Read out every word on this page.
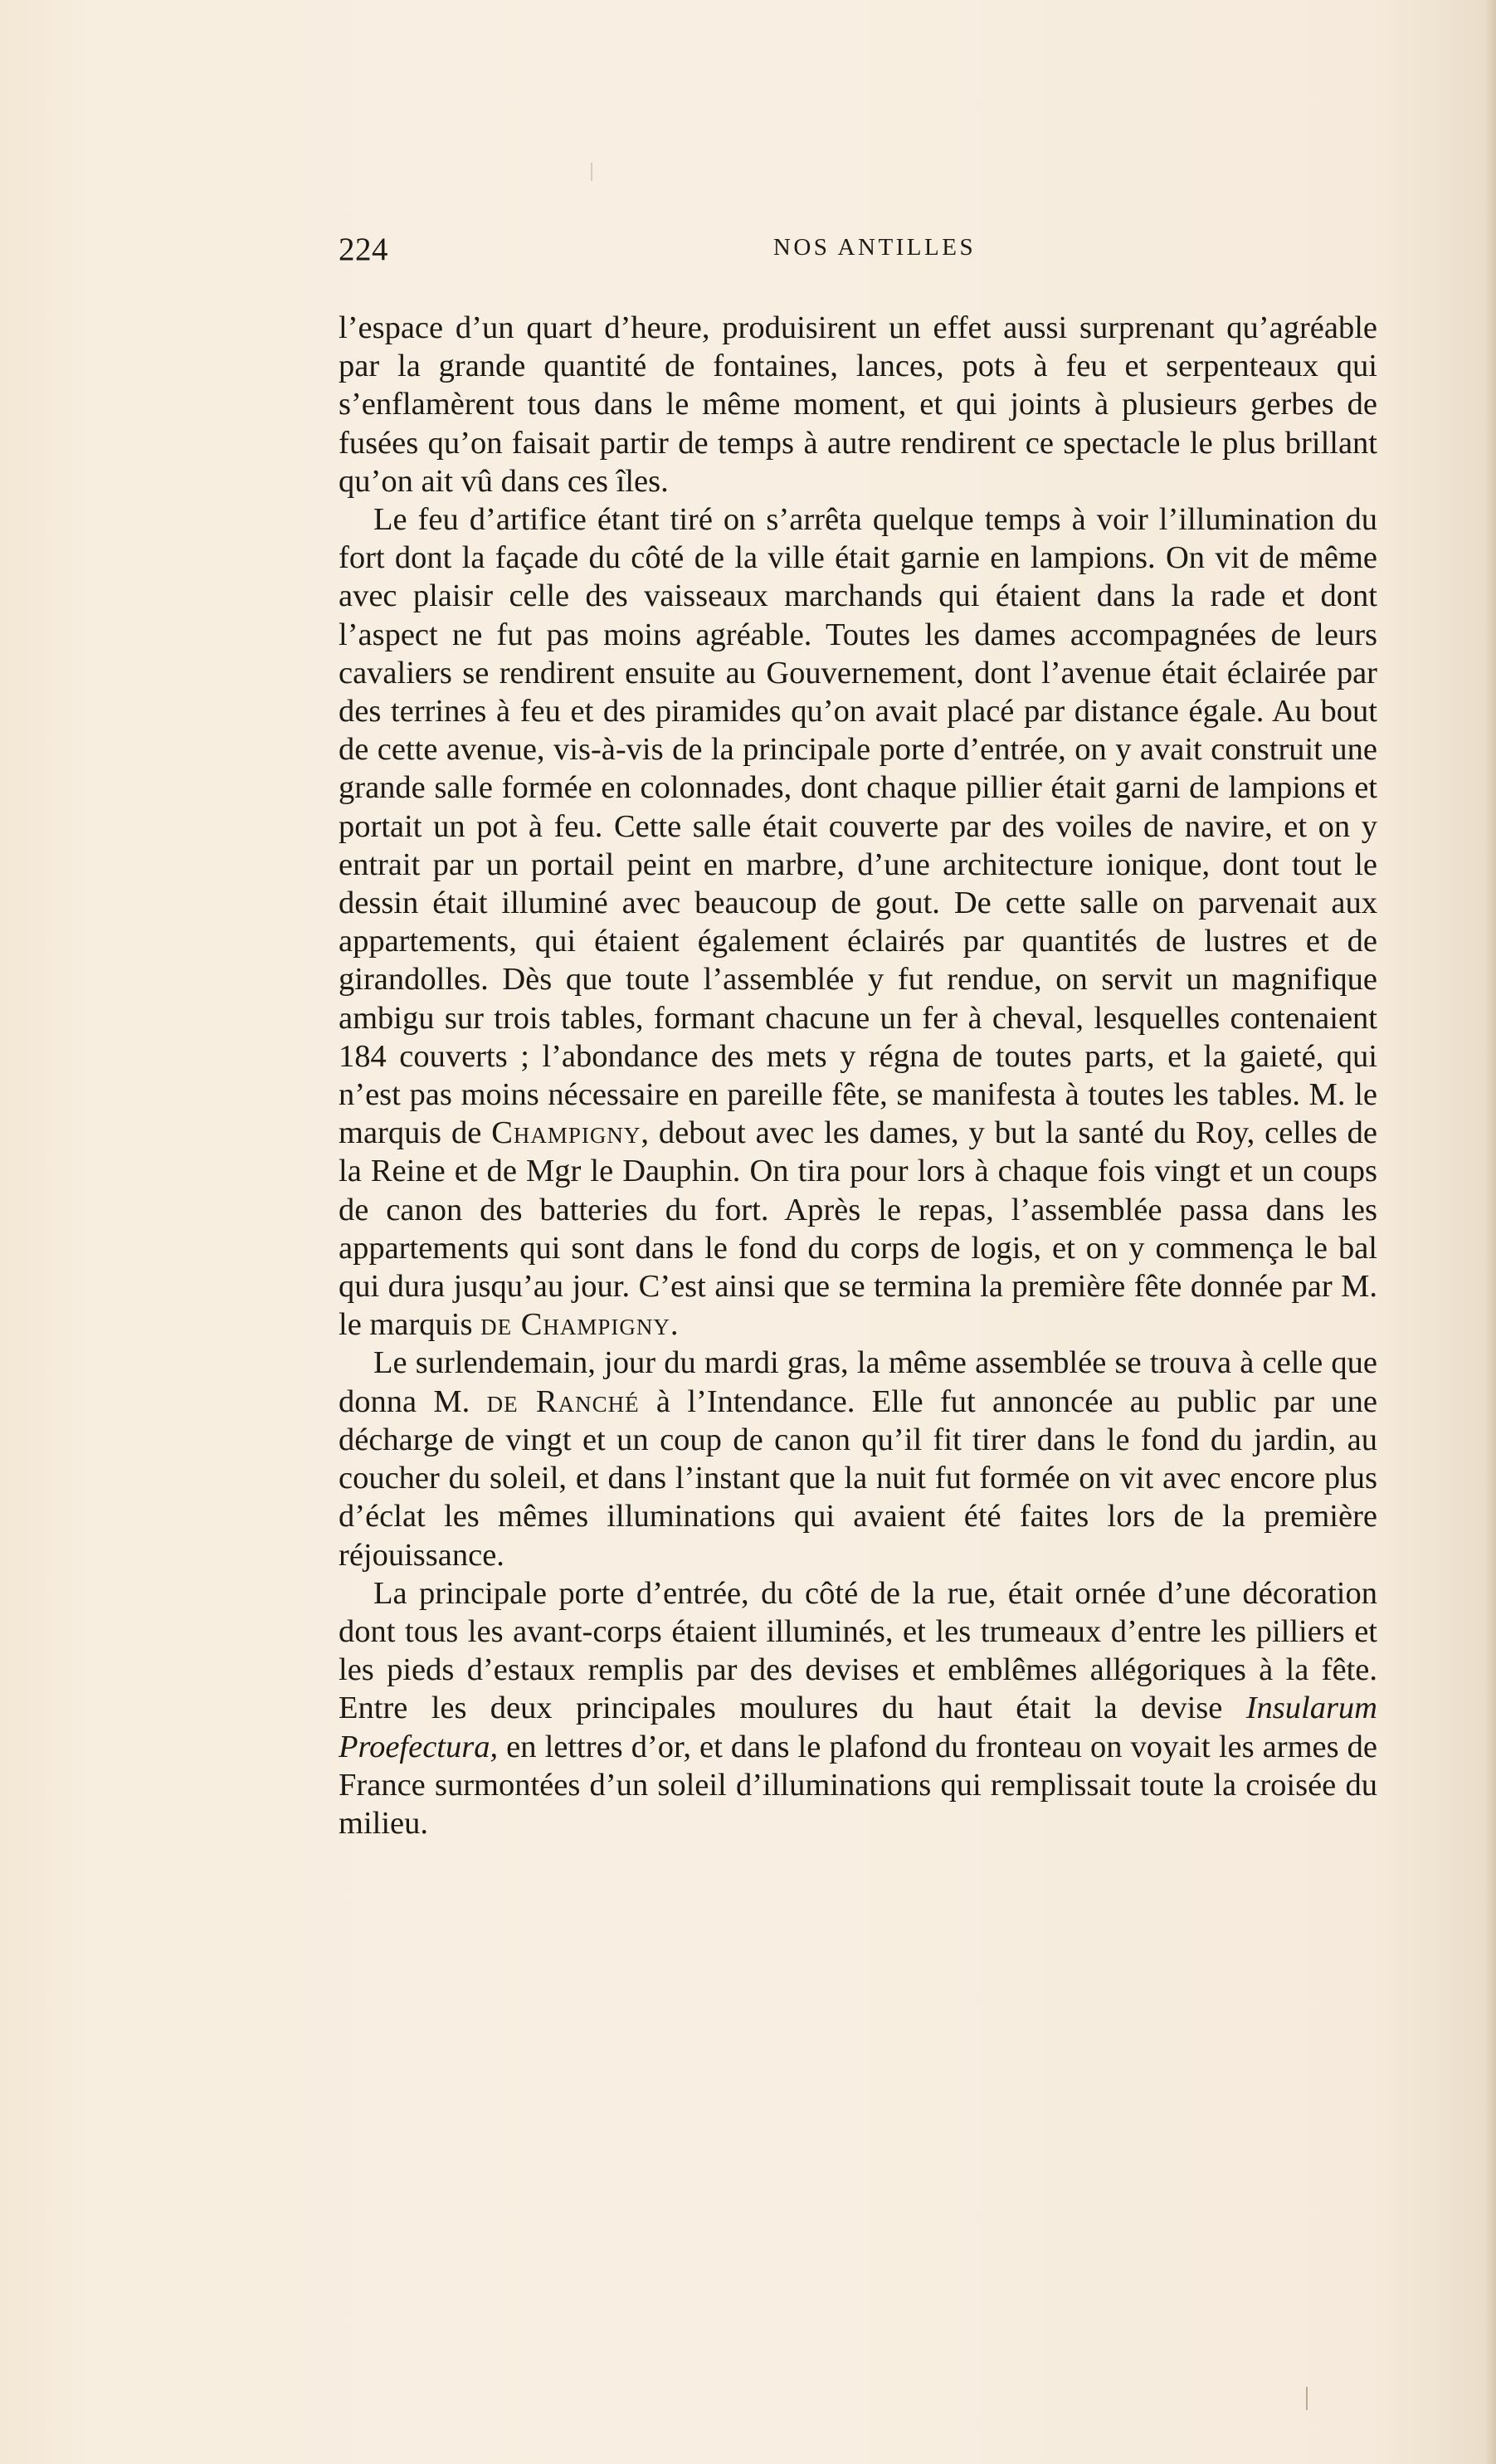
224	NOS ANTILLES

l’espace d’un quart d’heure, produisirent un effet aussi surprenant qu’agréable par la grande quantité de fontaines, lances, pots à feu et serpenteaux qui s’enflamèrent tous dans le même moment, et qui joints à plusieurs gerbes de fusées qu’on faisait partir de temps à autre rendirent ce spectacle le plus brillant qu’on ait vû dans ces îles.

Le feu d’artifice étant tiré on s’arrêta quelque temps à voir l’illumination du fort dont la façade du côté de la ville était garnie en lampions. On vit de même avec plaisir celle des vaisseaux marchands qui étaient dans la rade et dont l’aspect ne fut pas moins agréable. Toutes les dames accompagnées de leurs cavaliers se rendirent ensuite au Gouvernement, dont l’avenue était éclairée par des terrines à feu et des piramides qu’on avait placé par distance égale. Au bout de cette avenue, vis-à-vis de la principale porte d’entrée, on y avait construit une grande salle formée en colonnades, dont chaque pillier était garni de lampions et portait un pot à feu. Cette salle était couverte par des voiles de navire, et on y entrait par un portail peint en marbre, d’une architecture ionique, dont tout le dessin était illuminé avec beaucoup de gout. De cette salle on parvenait aux appartements, qui étaient également éclairés par quantités de lustres et de girandolles. Dès que toute l’assemblée y fut rendue, on servit un magnifique ambigu sur trois tables, formant chacune un fer à cheval, lesquelles contenaient 184 couverts ; l’abondance des mets y régna de toutes parts, et la gaieté, qui n’est pas moins nécessaire en pareille fête, se manifesta à toutes les tables. M. le marquis de Champigny, debout avec les dames, y but la santé du Roy, celles de la Reine et de Mgr le Dauphin. On tira pour lors à chaque fois vingt et un coups de canon des batteries du fort. Après le repas, l’assemblée passa dans les appartements qui sont dans le fond du corps de logis, et on y commença le bal qui dura jusqu’au jour. C’est ainsi que se termina la première fête donnée par M. le marquis de Champigny.

Le surlendemain, jour du mardi gras, la même assemblée se trouva à celle que donna M. de Ranché à l’Intendance. Elle fut annoncée au public par une décharge de vingt et un coup de canon qu’il fit tirer dans le fond du jardin, au coucher du soleil, et dans l’instant que la nuit fut formée on vit avec encore plus d’éclat les mêmes illuminations qui avaient été faites lors de la première réjouissance.

La principale porte d’entrée, du côté de la rue, était ornée d’une décoration dont tous les avant-corps étaient illuminés, et les trumeaux d’entre les pilliers et les pieds d’estaux remplis par des devises et emblêmes allégoriques à la fête. Entre les deux principales moulures du haut était la devise Insularum Proefectura, en lettres d’or, et dans le plafond du fronteau on voyait les armes de France surmontées d’un soleil d’illuminations qui remplissait toute la croisée du milieu.
